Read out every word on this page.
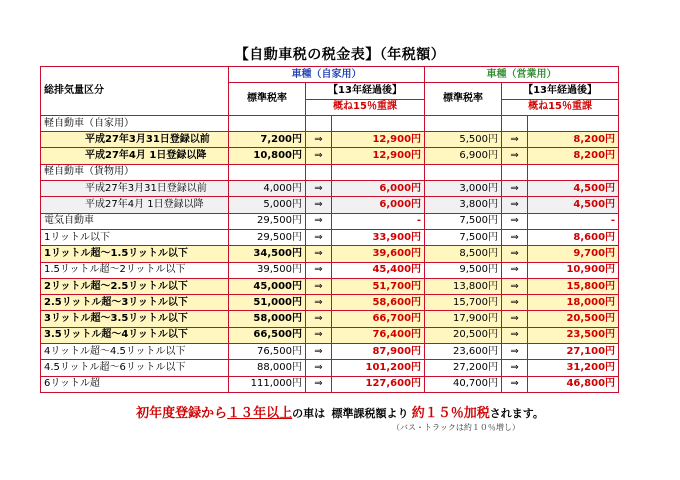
【自動車税の税金表】（年税額）
総排気量区分	車種（自家用）			車種（営業用）		
	標準税率	【13年経過後】		標準税率	【13年経過後】	
		概ね15％重課			概ね15％重課	
軽自動車（自家用）						
平成27年3月31日登録以前	7,200円	⇒	12,900円	5,500円	⇒	8,200円
平成27年4月 1日登録以降	10,800円	⇒	12,900円	6,900円	⇒	8,200円
軽自動車（貨物用）						
平成27年3月31日登録以前	4,000円	⇒	6,000円	3,000円	⇒	4,500円
平成27年4月 1日登録以降	5,000円	⇒	6,000円	3,800円	⇒	4,500円
電気自動車	29,500円	⇒	-	7,500円	⇒	-
1リットル以下	29,500円	⇒	33,900円	7,500円	⇒	8,600円
1リットル超～1.5リットル以下	34,500円	⇒	39,600円	8,500円	⇒	9,700円
1.5リットル超～2リットル以下	39,500円	⇒	45,400円	9,500円	⇒	10,900円
2リットル超～2.5リットル以下	45,000円	⇒	51,700円	13,800円	⇒	15,800円
2.5リットル超～3リットル以下	51,000円	⇒	58,600円	15,700円	⇒	18,000円
3リットル超～3.5リットル以下	58,000円	⇒	66,700円	17,900円	⇒	20,500円
3.5リットル超～4リットル以下	66,500円	⇒	76,400円	20,500円	⇒	23,500円
4リットル超～4.5リットル以下	76,500円	⇒	87,900円	23,600円	⇒	27,100円
4.5リットル超～6リットル以下	88,000円	⇒	101,200円	27,200円	⇒	31,200円
6リットル超	111,000円	⇒	127,600円	40,700円	⇒	46,800円
初年度登録から１３年以上の車は 標準課税額より 約１５％加税されます。
（バス・トラックは約１０％増し）
